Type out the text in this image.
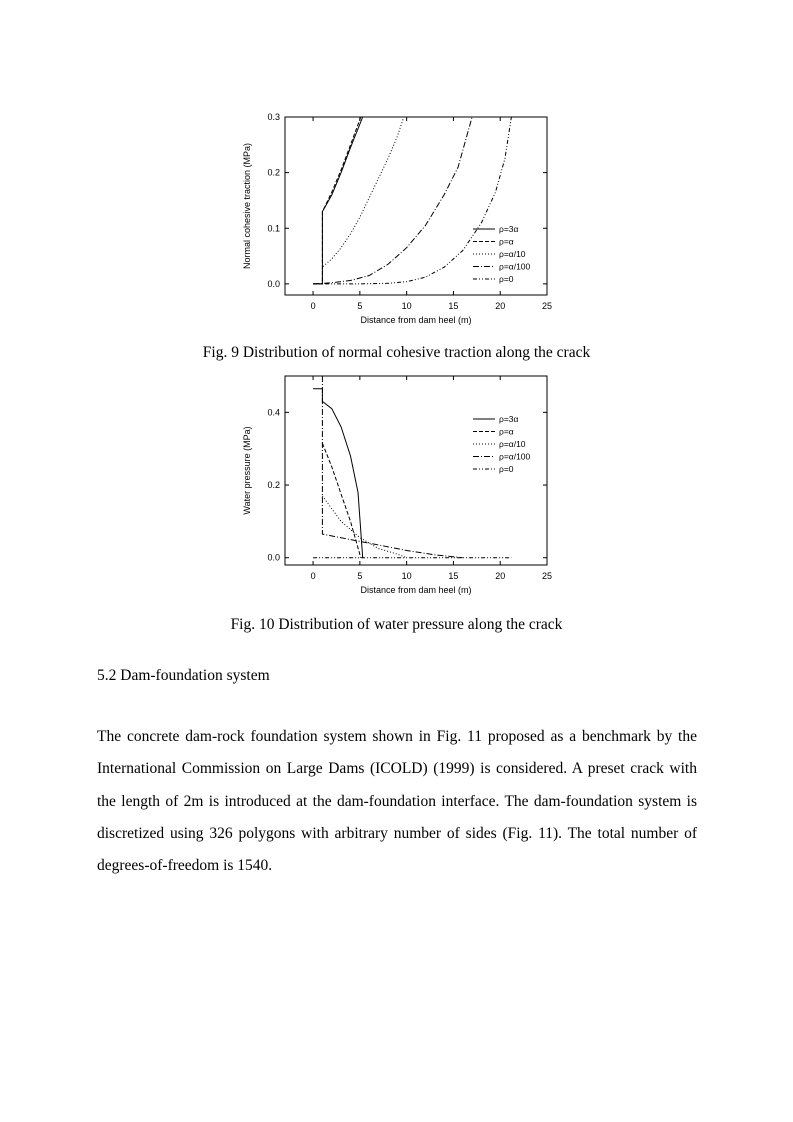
0	5	10	15	20	25
0.0
0.1
0.2
0.3
Distance from dam heel (m)
Normal cohesive traction (MPa)	ρ=3α
ρ=α
ρ=α/10
ρ=α/100
ρ=0
Fig. 9 Distribution of normal cohesive traction along the crack
0	5	10	15	20	25
0.0
0.2
0.4
Distance from dam heel (m)
Water pressure (MPa)
ρ=3α
ρ=α
ρ=α/10
ρ=α/100
ρ=0
Fig. 10 Distribution of water pressure along the crack
5.2 Dam-foundation system
The concrete dam-rock foundation system shown in Fig. 11 proposed as a benchmark by the International Commission on Large Dams (ICOLD) (1999) is considered. A preset crack with the length of 2m is introduced at the dam-foundation interface. The dam-foundation system is discretized using 326 polygons with arbitrary number of sides (Fig. 11). The total number of degrees-of-freedom is 1540.
